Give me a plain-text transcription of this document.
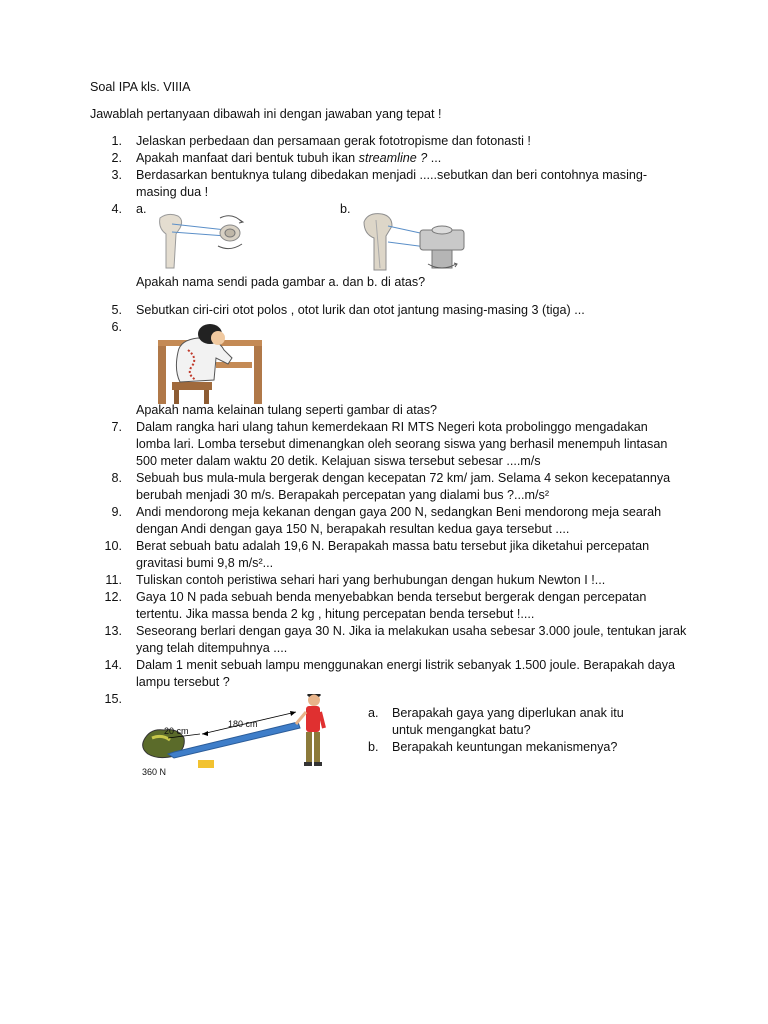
Soal IPA kls. VIIIA
Jawablah pertanyaan dibawah ini dengan jawaban yang tepat !
1. Jelaskan perbedaan dan persamaan gerak fototropisme dan fotonasti !
2. Apakah manfaat dari bentuk tubuh ikan streamline ? ...
3. Berdasarkan bentuknya tulang dibedakan menjadi .....sebutkan dan beri contohnya masing-
masing dua !
4. a.	b.
Apakah nama sendi pada gambar a. dan b. di atas?
5. Sebutkan ciri-ciri otot polos , otot lurik dan otot jantung masing-masing 3 (tiga) ...
6.
Apakah nama kelainan tulang seperti gambar di atas?
7. Dalam rangka hari ulang tahun kemerdekaan RI MTS Negeri kota probolinggo mengadakan
lomba lari. Lomba tersebut dimenangkan oleh seorang siswa yang berhasil menempuh lintasan
500 meter dalam waktu 20 detik. Kelajuan siswa tersebut sebesar ....m/s
8. Sebuah bus mula-mula bergerak dengan kecepatan 72 km/ jam. Selama 4 sekon kecepatannya
berubah menjadi 30 m/s. Berapakah percepatan yang dialami bus ?...m/s²
9. Andi mendorong meja kekanan dengan gaya 200 N, sedangkan Beni mendorong meja searah
dengan Andi dengan gaya 150 N, berapakah resultan kedua gaya tersebut ....
10. Berat sebuah batu adalah 19,6 N. Berapakah massa batu tersebut jika diketahui percepatan
gravitasi bumi 9,8 m/s²...
11. Tuliskan contoh peristiwa sehari hari yang berhubungan dengan hukum Newton I !...
12. Gaya 10 N pada sebuah benda menyebabkan benda tersebut bergerak dengan percepatan
tertentu. Jika massa benda 2 kg , hitung percepatan benda tersebut !....
13. Seseorang berlari dengan gaya 30 N. Jika ia melakukan usaha sebesar 3.000 joule, tentukan jarak
yang telah ditempuhnya ....
14. Dalam 1 menit sebuah lampu menggunakan energi listrik sebanyak 1.500 joule. Berapakah daya
lampu tersebut ?
15.
20 cm
180 cm
360 N
a. Berapakah gaya yang diperlukan anak itu
untuk mengangkat batu?
b. Berapakah keuntungan mekanismenya?
